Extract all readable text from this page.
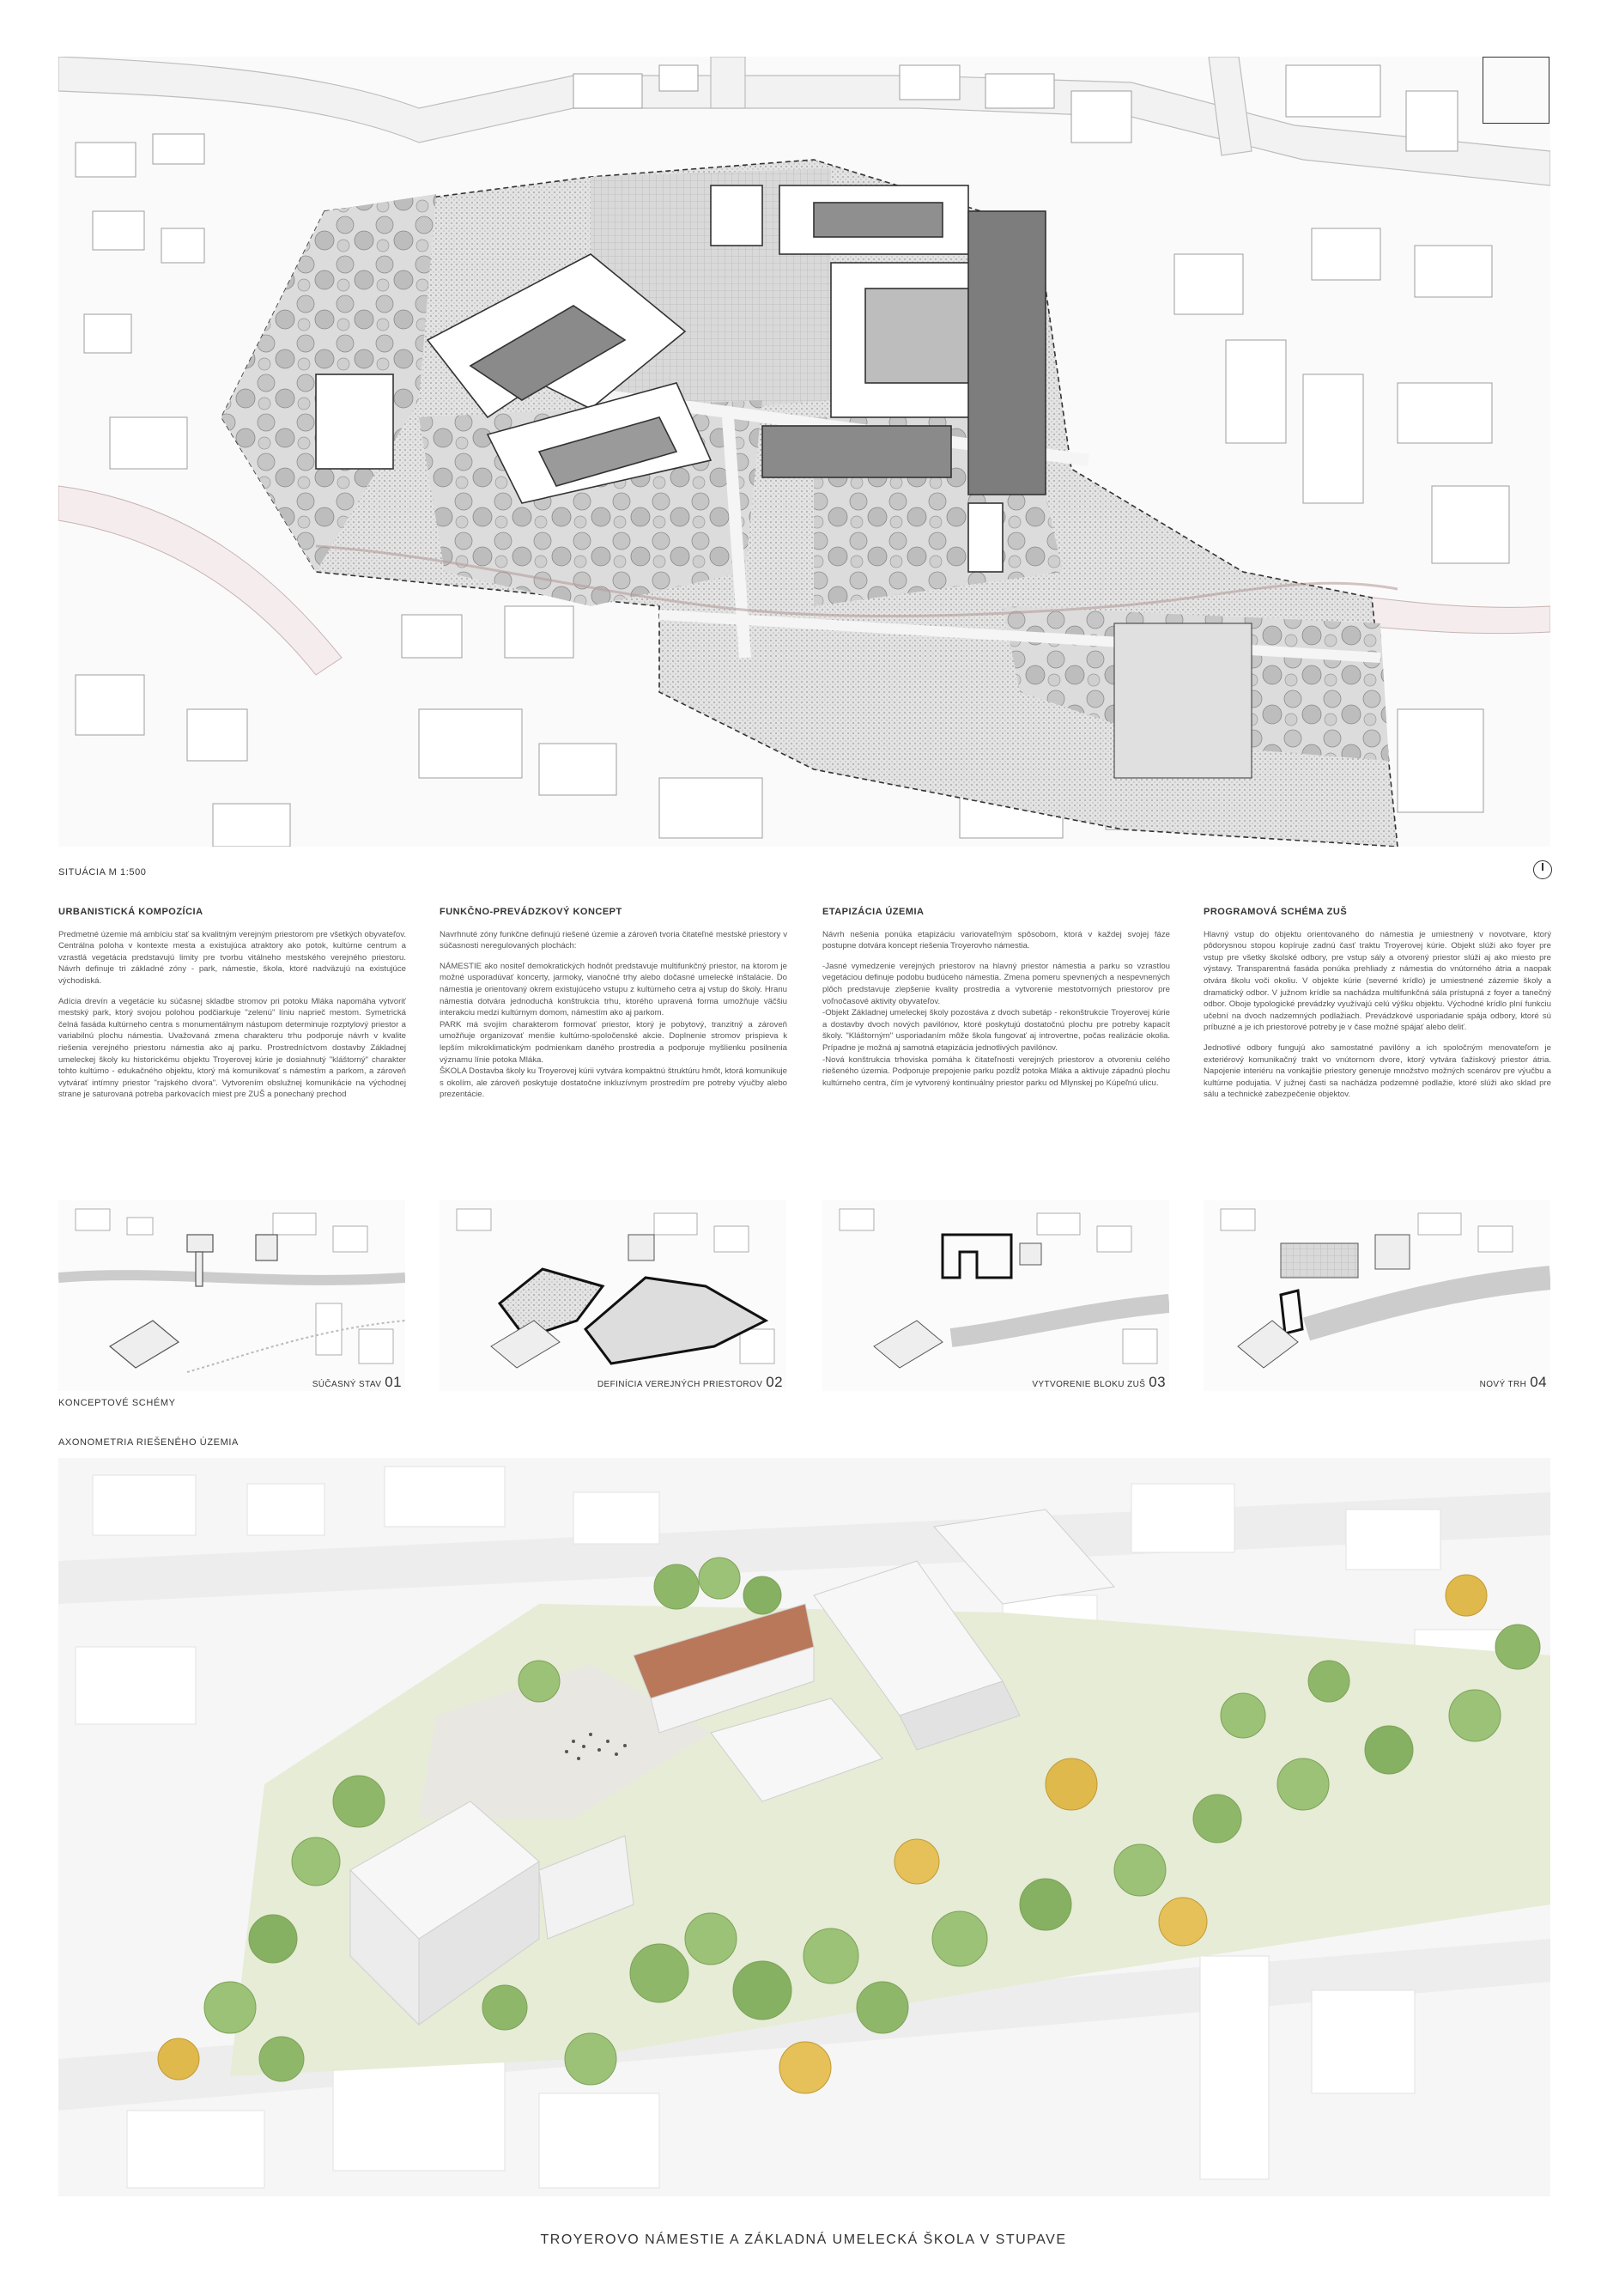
SITUÁCIA M 1:500
URBANISTICKÁ KOMPOZÍCIA

Predmetné územie má ambíciu stať sa kvalitným verejným priestorom pre všetkých obyvateľov. Centrálna poloha v kontexte mesta a existujúca atraktory ako potok, kultúrne centrum a vzrastlá vegetácia predstavujú limity pre tvorbu vitálneho mestského verejného priestoru. Návrh definuje tri základné zóny - park, námestie, škola, ktoré nadväzujú na existujúce východiská.

Adícia drevín a vegetácie ku súčasnej skladbe stromov pri potoku Mláka napomáha vytvoriť mestský park, ktorý svojou polohou podčiarkuje "zelenú" líniu naprieč mestom. Symetrická čelná fasáda kultúrneho centra s monumentálnym nástupom determinuje rozptylový priestor a variabilnú plochu námestia. Uvažovaná zmena charakteru trhu podporuje návrh v kvalite riešenia verejného priestoru námestia ako aj parku. Prostredníctvom dostavby Základnej umeleckej školy ku historickému objektu Troyerovej kúrie je dosiahnutý "kláštorný" charakter tohto kultúrno - edukačného objektu, ktorý má komunikovať s námestím a parkom, a zároveň vytvárať intímny priestor "rajského dvora". Vytvorením obslužnej komunikácie na východnej strane je saturovaná potreba parkovacích miest pre ZUŠ a ponechaný prechod

FUNKČNO-PREVÁDZKOVÝ KONCEPT

Navrhnuté zóny funkčne definujú riešené územie a zároveň tvoria čitateľné mestské priestory v súčasnosti neregulovaných plochách:

NÁMESTIE ako nositeľ demokratických hodnôt predstavuje multifunkčný priestor, na ktorom je možné usporadúvať koncerty, jarmoky, vianočné trhy alebo dočasné umelecké inštalácie. Do námestia je orientovaný okrem existujúceho vstupu z kultúrneho cetra aj vstup do školy. Hranu námestia dotvára jednoduchá konštrukcia trhu, ktorého upravená forma umožňuje väčšiu interakciu medzi kultúrnym domom, námestím ako aj parkom.
PARK má svojím charakterom formovať priestor, ktorý je pobytový, tranzitný a zároveň umožňuje organizovať menšie kultúrno-spoločenské akcie. Doplnenie stromov prispieva k lepším mikroklimatickým podmienkam daného prostredia a podporuje myšlienku posilnenia významu línie potoka Mláka.
ŠKOLA Dostavba školy ku Troyerovej kúrii vytvára kompaktnú štruktúru hmôt, ktorá komunikuje s okolím, ale zároveň poskytuje dostatočne inkluzívnym prostredím pre potreby výučby alebo prezentácie.

ETAPIZÁCIA ÚZEMIA

Návrh nešenia ponúka etapizáciu variovateľným spôsobom, ktorá v každej svojej fáze postupne dotvára koncept riešenia Troyerovho námestia.

-Jasné vymedzenie verejných priestorov na hlavný priestor námestia a parku so vzrastlou vegetáciou definuje podobu budúceho námestia. Zmena pomeru spevnených a nespevnených plôch predstavuje zlepšenie kvality prostredia a vytvorenie mestotvorných priestorov pre voľnočasové aktivity obyvateľov.
-Objekt Základnej umeleckej školy pozostáva z dvoch subetáp - rekonštrukcie Troyerovej kúrie a dostavby dvoch nových pavilónov, ktoré poskytujú dostatočnú plochu pre potreby kapacít školy. "Kláštorným" usporiadaním môže škola fungovať aj introvertne, počas realizácie okolia. Prípadne je možná aj samotná etapizácia jednotlivých pavilónov.
-Nová konštrukcia trhoviska pomáha k čitateľnosti verejných priestorov a otvoreniu celého riešeného územia. Podporuje prepojenie parku pozdĺž potoka Mláka a aktivuje západnú plochu kultúrneho centra, čím je vytvorený kontinuálny priestor parku od Mlynskej po Kúpeľnú ulicu.

PROGRAMOVÁ SCHÉMA ZUŠ

Hlavný vstup do objektu orientovaného do námestia je umiestnený v novotvare, ktorý pôdorysnou stopou kopíruje zadnú časť traktu Troyerovej kúrie. Objekt slúži ako foyer pre vstup pre všetky školské odbory, pre vstup sály a otvorený priestor slúži aj ako miesto pre výstavy. Transparentná fasáda ponúka prehliady z námestia do vnútorného átria a naopak otvára školu voči okoliu. V objekte kúrie (severné krídlo) je umiestnené zázemie školy a dramatický odbor. V južnom krídle sa nachádza multifunkčná sála prístupná z foyer a tanečný odbor. Oboje typologické prevádzky využívajú celú výšku objektu. Východné krídlo plní funkciu učební na dvoch nadzemných podlažiach. Prevádzkové usporiadanie spája odbory, ktoré sú príbuzné a je ich priestorové potreby je v čase možné spájať alebo deliť.

Jednotlivé odbory fungujú ako samostatné pavilóny a ich spoločným menovateľom je exteriérový komunikačný trakt vo vnútornom dvore, ktorý vytvára ťažiskový priestor átria. Napojenie interiéru na vonkajšie priestory generuje množstvo možných scenárov pre výučbu a kultúrne podujatia. V južnej časti sa nachádza podzemné podlažie, ktoré slúži ako sklad pre sálu a technické zabezpečenie objektov.

SÚČASNÝ STAV 01	DEFINÍCIA VEREJNÝCH PRIESTOROV 02	VYTVORENIE BLOKU ZUŠ 03	NOVÝ TRH 04
KONCEPTOVÉ SCHÉMY
AXONOMETRIA RIEŠENÉHO ÚZEMIA
TROYEROVO NÁMESTIE A ZÁKLADNÁ UMELECKÁ ŠKOLA V STUPAVE
